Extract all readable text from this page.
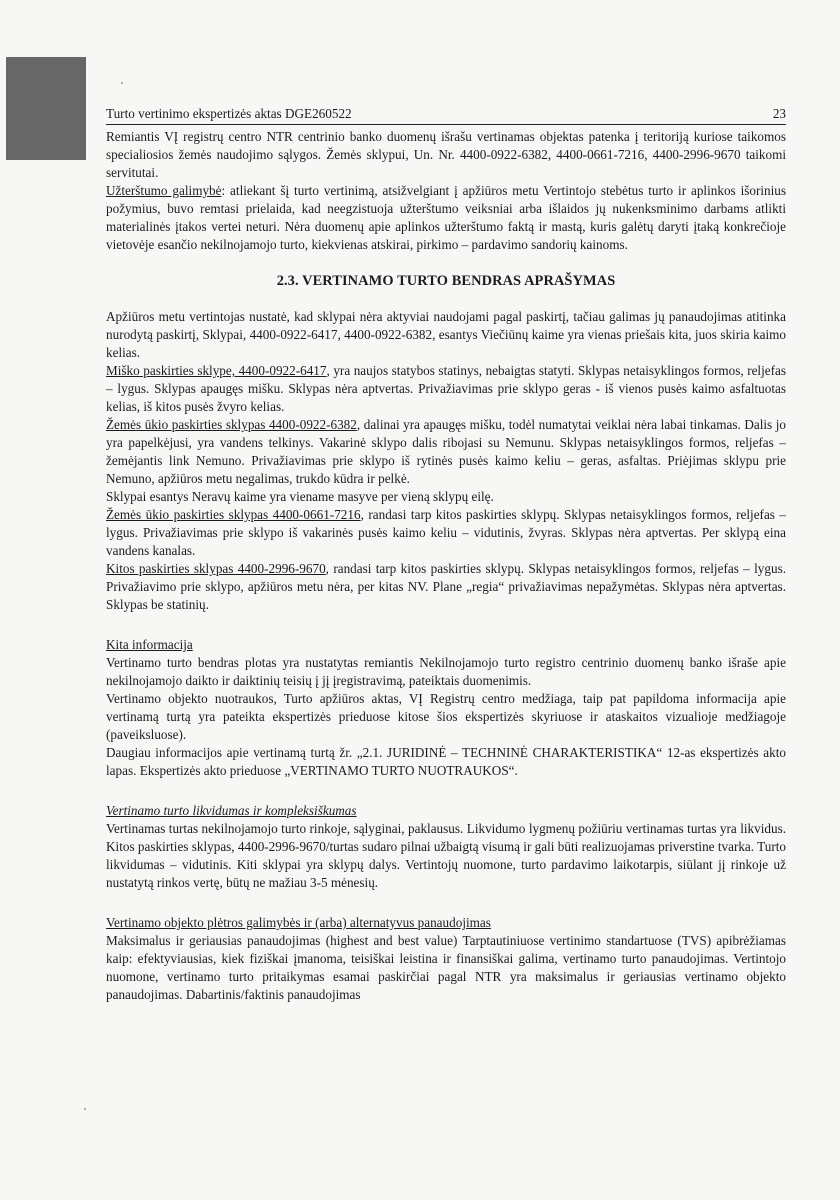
Turto vertinimo ekspertizės aktas DGE260522	23

Remiantis VĮ registrų centro NTR centrinio banko duomenų išrašu vertinamas objektas patenka į teritoriją kuriose taikomos specialiosios žemės naudojimo sąlygos. Žemės sklypui, Un. Nr. 4400-0922-6382, 4400-0661-7216, 4400-2996-9670 taikomi servitutai.

Užterštumo galimybė: atliekant šį turto vertinimą, atsižvelgiant į apžiūros metu Vertintojo stebėtus turto ir aplinkos išorinius požymius, buvo remtasi prielaida, kad neegzistuoja užterštumo veiksniai arba išlaidos jų nukenksminimo darbams atlikti materialinės įtakos vertei neturi. Nėra duomenų apie aplinkos užterštumo faktą ir mastą, kuris galėtų daryti įtaką konkrečioje vietovėje esančio nekilnojamojo turto, kiekvienas atskirai, pirkimo – pardavimo sandorių kainoms.

2.3. VERTINAMO TURTO BENDRAS APRAŠYMAS

Apžiūros metu vertintojas nustatė, kad sklypai nėra aktyviai naudojami pagal paskirtį, tačiau galimas jų panaudojimas atitinka nurodytą paskirtį, Sklypai, 4400-0922-6417, 4400-0922-6382, esantys Viečiūnų kaime yra vienas priešais kita, juos skiria kaimo kelias.

Miško paskirties sklype, 4400-0922-6417, yra naujos statybos statinys, nebaigtas statyti. Sklypas netaisyklingos formos, reljefas – lygus. Sklypas apaugęs mišku. Sklypas nėra aptvertas. Privažiavimas prie sklypo geras - iš vienos pusės kaimo asfaltuotas kelias, iš kitos pusės žvyro kelias.

Žemės ūkio paskirties sklypas 4400-0922-6382, dalinai yra apaugęs mišku, todėl numatytai veiklai nėra labai tinkamas. Dalis jo yra papelkėjusi, yra vandens telkinys. Vakarinė sklypo dalis ribojasi su Nemunu. Sklypas netaisyklingos formos, reljefas – žemėjantis link Nemuno. Privažiavimas prie sklypo iš rytinės pusės kaimo keliu – geras, asfaltas. Priėjimas sklypu prie Nemuno, apžiūros metu negalimas, trukdo kūdra ir pelkė.

Sklypai esantys Neravų kaime yra viename masyve per vieną sklypų eilę.

Žemės ūkio paskirties sklypas 4400-0661-7216, randasi tarp kitos paskirties sklypų. Sklypas netaisyklingos formos, reljefas – lygus. Privažiavimas prie sklypo iš vakarinės pusės kaimo keliu – vidutinis, žvyras. Sklypas nėra aptvertas. Per sklypą eina vandens kanalas.

Kitos paskirties sklypas 4400-2996-9670, randasi tarp kitos paskirties sklypų. Sklypas netaisyklingos formos, reljefas – lygus. Privažiavimo prie sklypo, apžiūros metu nėra, per kitas NV. Plane „regia“ privažiavimas nepažymėtas. Sklypas nėra aptvertas. Sklypas be statinių.

Kita informacija

Vertinamo turto bendras plotas yra nustatytas remiantis Nekilnojamojo turto registro centrinio duomenų banko išraše apie nekilnojamojo daikto ir daiktinių teisių į jį įregistravimą, pateiktais duomenimis.

Vertinamo objekto nuotraukos, Turto apžiūros aktas, VĮ Registrų centro medžiaga, taip pat papildoma informacija apie vertinamą turtą yra pateikta ekspertizės prieduose kitose šios ekspertizės skyriuose ir ataskaitos vizualioje medžiagoje (paveiksluose).

Daugiau informacijos apie vertinamą turtą žr. „2.1. JURIDINĖ – TECHNINĖ CHARAKTERISTIKA“ 12-as ekspertizės akto lapas. Ekspertizės akto prieduose „VERTINAMO TURTO NUOTRAUKOS“.

Vertinamo turto likvidumas ir kompleksiškumas

Vertinamas turtas nekilnojamojo turto rinkoje, sąlyginai, paklausus. Likvidumo lygmenų požiūriu vertinamas turtas yra likvidus. Kitos paskirties sklypas, 4400-2996-9670/turtas sudaro pilnai užbaigtą visumą ir gali būti realizuojamas priverstine tvarka. Turto likvidumas – vidutinis. Kiti sklypai yra sklypų dalys. Vertintojų nuomone, turto pardavimo laikotarpis, siūlant jį rinkoje už nustatytą rinkos vertę, būtų ne mažiau 3-5 mėnesių.

Vertinamo objekto plėtros galimybės ir (arba) alternatyvus panaudojimas

Maksimalus ir geriausias panaudojimas (highest and best value) Tarptautiniuose vertinimo standartuose (TVS) apibrėžiamas kaip: efektyviausias, kiek fiziškai įmanoma, teisiškai leistina ir finansiškai galima, vertinamo turto panaudojimas. Vertintojo nuomone, vertinamo turto pritaikymas esamai paskirčiai pagal NTR yra maksimalus ir geriausias vertinamo objekto panaudojimas. Dabartinis/faktinis panaudojimas
